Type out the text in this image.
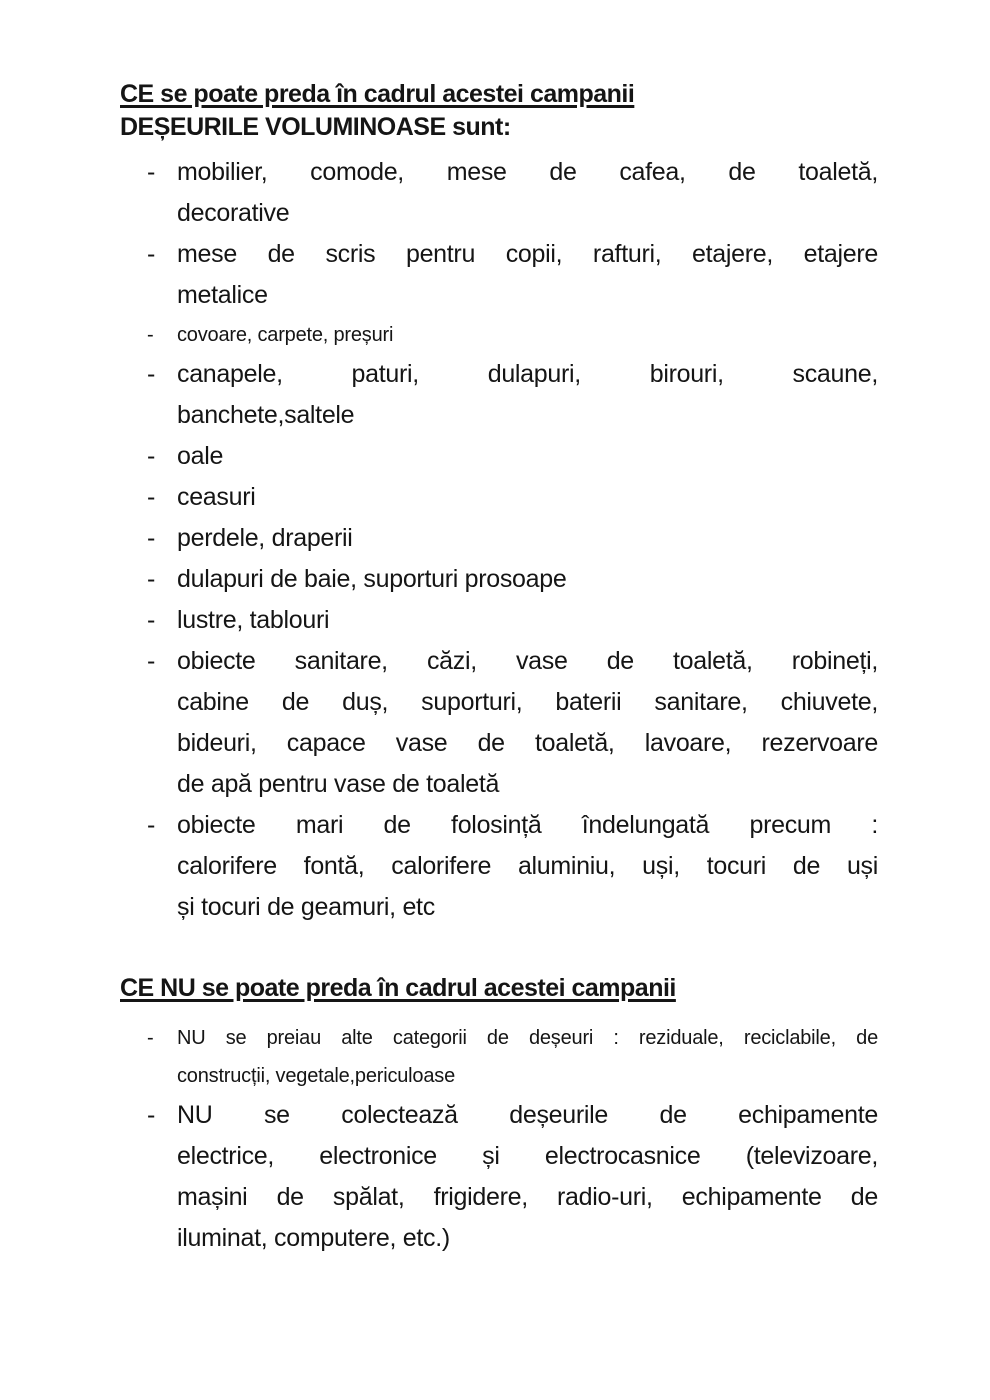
CE se poate preda în cadrul acestei campanii
DEȘEURILE VOLUMINOASE sunt:
- mobilier, comode, mese de cafea, de toaletă,
decorative
- mese de scris pentru copii, rafturi, etajere, etajere
metalice
-	covoare, carpete, preșuri
- canapele, paturi, dulapuri, birouri, scaune,
banchete,saltele
- oale
- ceasuri
- perdele, draperii
- dulapuri de baie, suporturi prosoape
- lustre, tablouri
- obiecte sanitare, căzi, vase de toaletă, robineți,
cabine de duș, suporturi, baterii sanitare, chiuvete,
bideuri, capace vase de toaletă, lavoare, rezervoare
de apă pentru vase de toaletă
- obiecte mari de folosință îndelungată precum :
calorifere fontă, calorifere aluminiu, uși, tocuri de uși
și tocuri de geamuri, etc
CE NU se poate preda în cadrul acestei campanii
-	NU se preiau alte categorii de deșeuri : reziduale, reciclabile, de
construcții, vegetale,periculoase
- NU se colectează deșeurile de echipamente
electrice, electronice și electrocasnice (televizoare,
mașini de spălat, frigidere, radio-uri, echipamente de
iluminat, computere, etc.)
